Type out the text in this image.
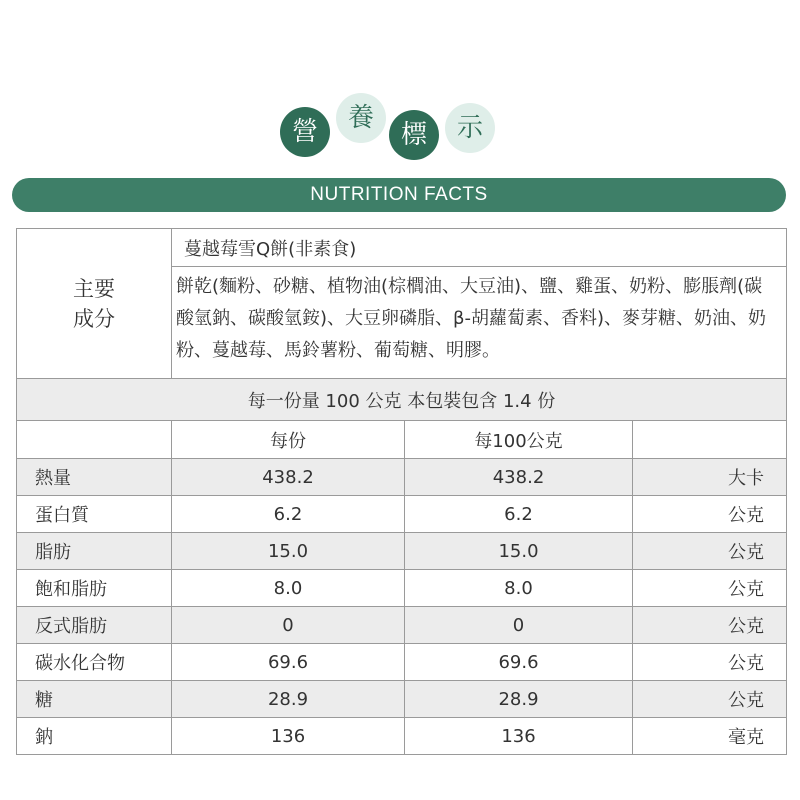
營	養
標	示
NUTRITION FACTS
主要
成分	蔓越莓雪Q餅(非素食)		
	餅乾(麵粉、砂糖、植物油(棕櫚油、大豆油)、鹽、雞蛋、奶粉、膨脹劑(碳酸氫鈉、碳酸氫銨)、大豆卵磷脂、β-胡蘿蔔素、香料)、麥芽糖、奶油、奶粉、蔓越莓、馬鈴薯粉、葡萄糖、明膠。		
每一份量 100 公克 本包裝包含 1.4 份			
	每份	每100公克	
熱量	438.2	438.2	大卡
蛋白質	6.2	6.2	公克
脂肪	15.0	15.0	公克
飽和脂肪	8.0	8.0	公克
反式脂肪	0	0	公克
碳水化合物	69.6	69.6	公克
糖	28.9	28.9	公克
鈉	136	136	毫克
